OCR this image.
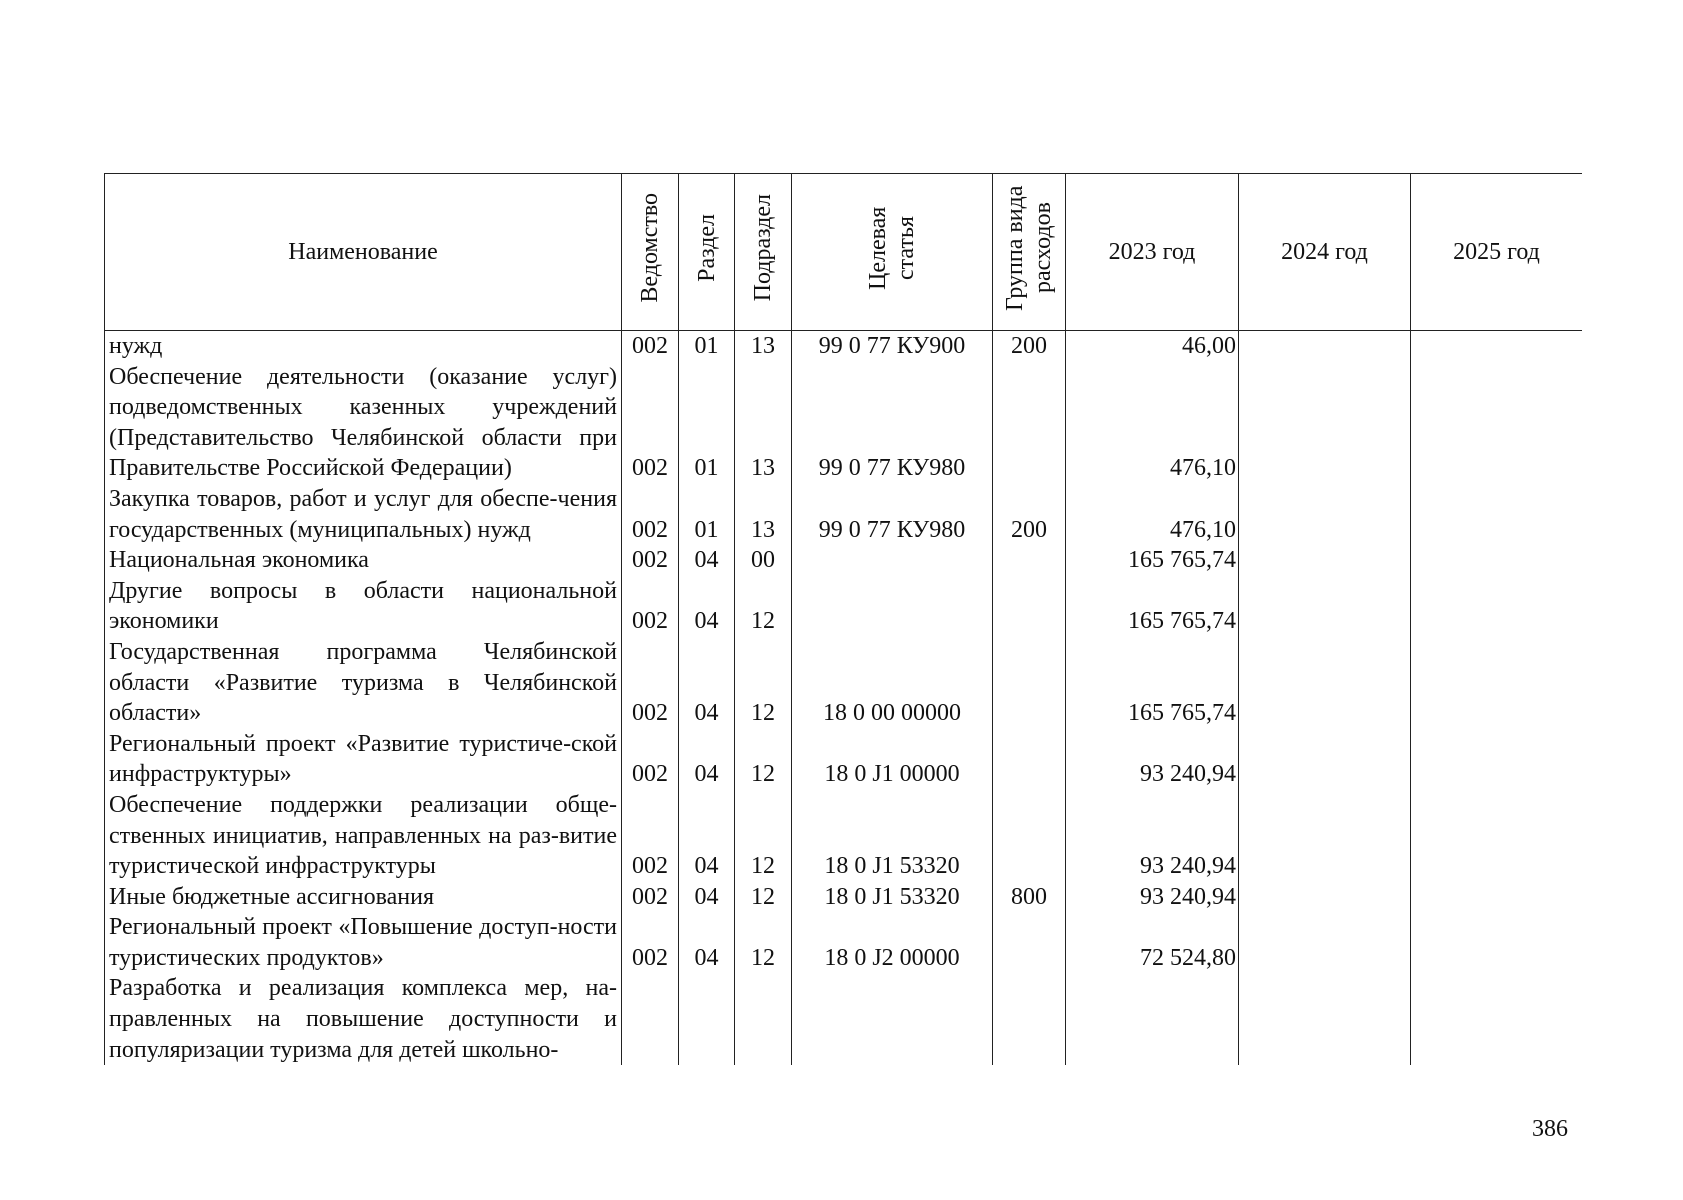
Наименование	Ведомство	Раздел	Подраздел	Целевая статья	Группа вида расходов	2023 год	2024 год	2025 год
нужд	002	01	13	99 0 77 КУ900	200	46,00		
Обеспечение деятельности (оказание услуг) подведомственных казенных учреждений (Представительство Челябинской области при Правительстве Российской Федерации)	002	01	13	99 0 77 КУ980		476,10		
Закупка товаров, работ и услуг для обеспе-чения государственных (муниципальных) нужд	002	01	13	99 0 77 КУ980	200	476,10		
Национальная экономика	002	04	00			165 765,74		
Другие вопросы в области национальной экономики	002	04	12			165 765,74		
Государственная программа Челябинской области «Развитие туризма в Челябинской области»	002	04	12	18 0 00 00000		165 765,74		
Региональный проект «Развитие туристиче-ской инфраструктуры»	002	04	12	18 0 J1 00000		93 240,94		
Обеспечение поддержки реализации обще-ственных инициатив, направленных на раз-витие туристической инфраструктуры	002	04	12	18 0 J1 53320		93 240,94		
Иные бюджетные ассигнования	002	04	12	18 0 J1 53320	800	93 240,94		
Региональный проект «Повышение доступ-ности туристических продуктов»	002	04	12	18 0 J2 00000		72 524,80		
Разработка и реализация комплекса мер, на-правленных на повышение доступности и популяризации туризма для детей школьно-								
386
